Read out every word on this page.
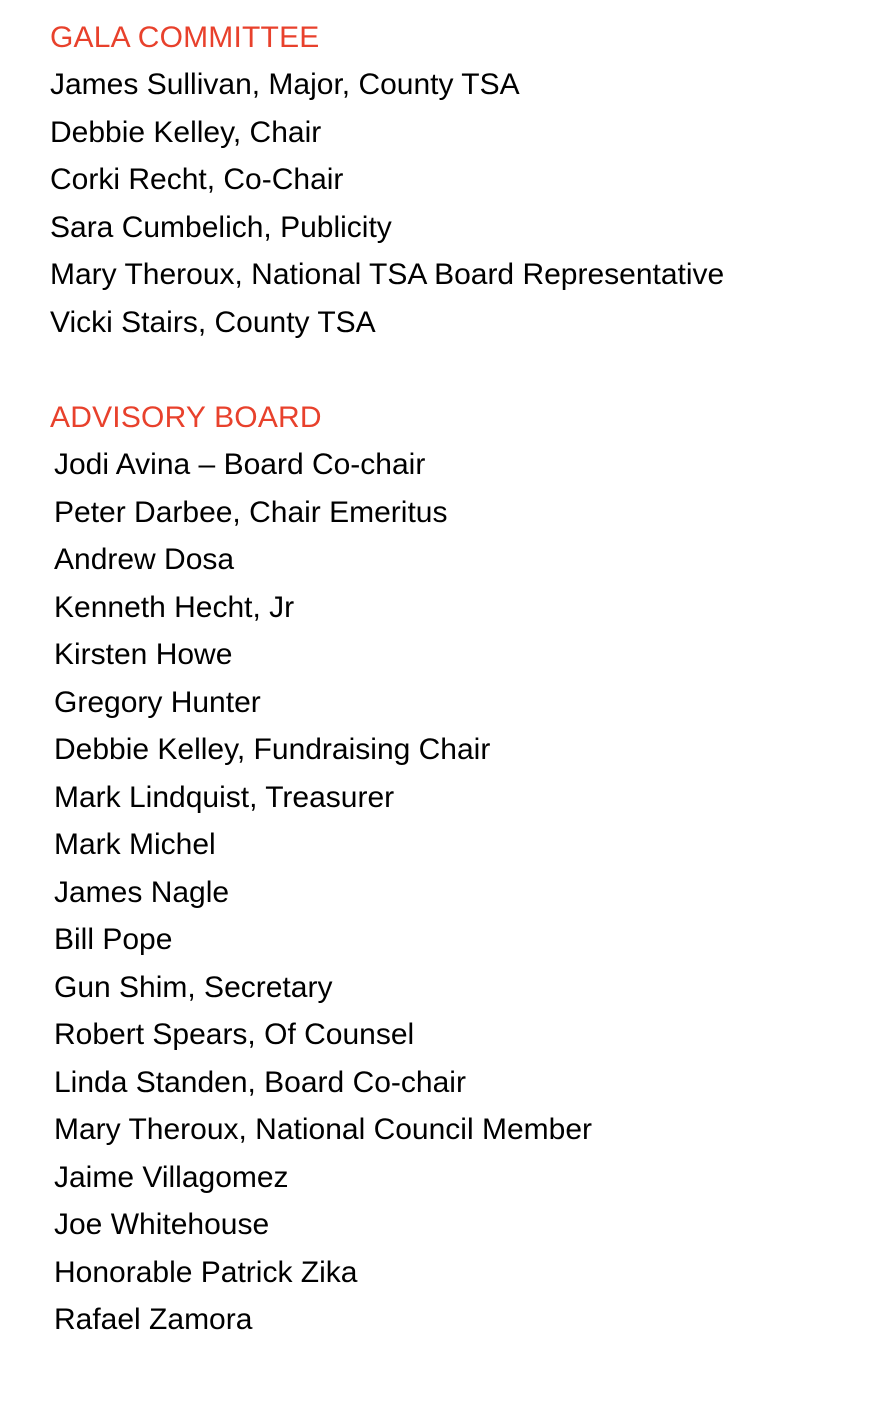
GALA COMMITTEE
James Sullivan, Major, County TSA
Debbie Kelley, Chair
Corki Recht, Co-Chair
Sara Cumbelich, Publicity
Mary Theroux, National TSA Board Representative
Vicki Stairs, County TSA
ADVISORY BOARD
Jodi Avina – Board Co-chair
Peter Darbee, Chair Emeritus
Andrew Dosa
Kenneth Hecht, Jr
Kirsten Howe
Gregory Hunter
Debbie Kelley, Fundraising Chair
Mark Lindquist, Treasurer
Mark Michel
James Nagle
Bill Pope
Gun Shim, Secretary
Robert Spears, Of Counsel
Linda Standen, Board Co-chair
Mary Theroux, National Council Member
Jaime Villagomez
Joe Whitehouse
Honorable Patrick Zika
Rafael Zamora
